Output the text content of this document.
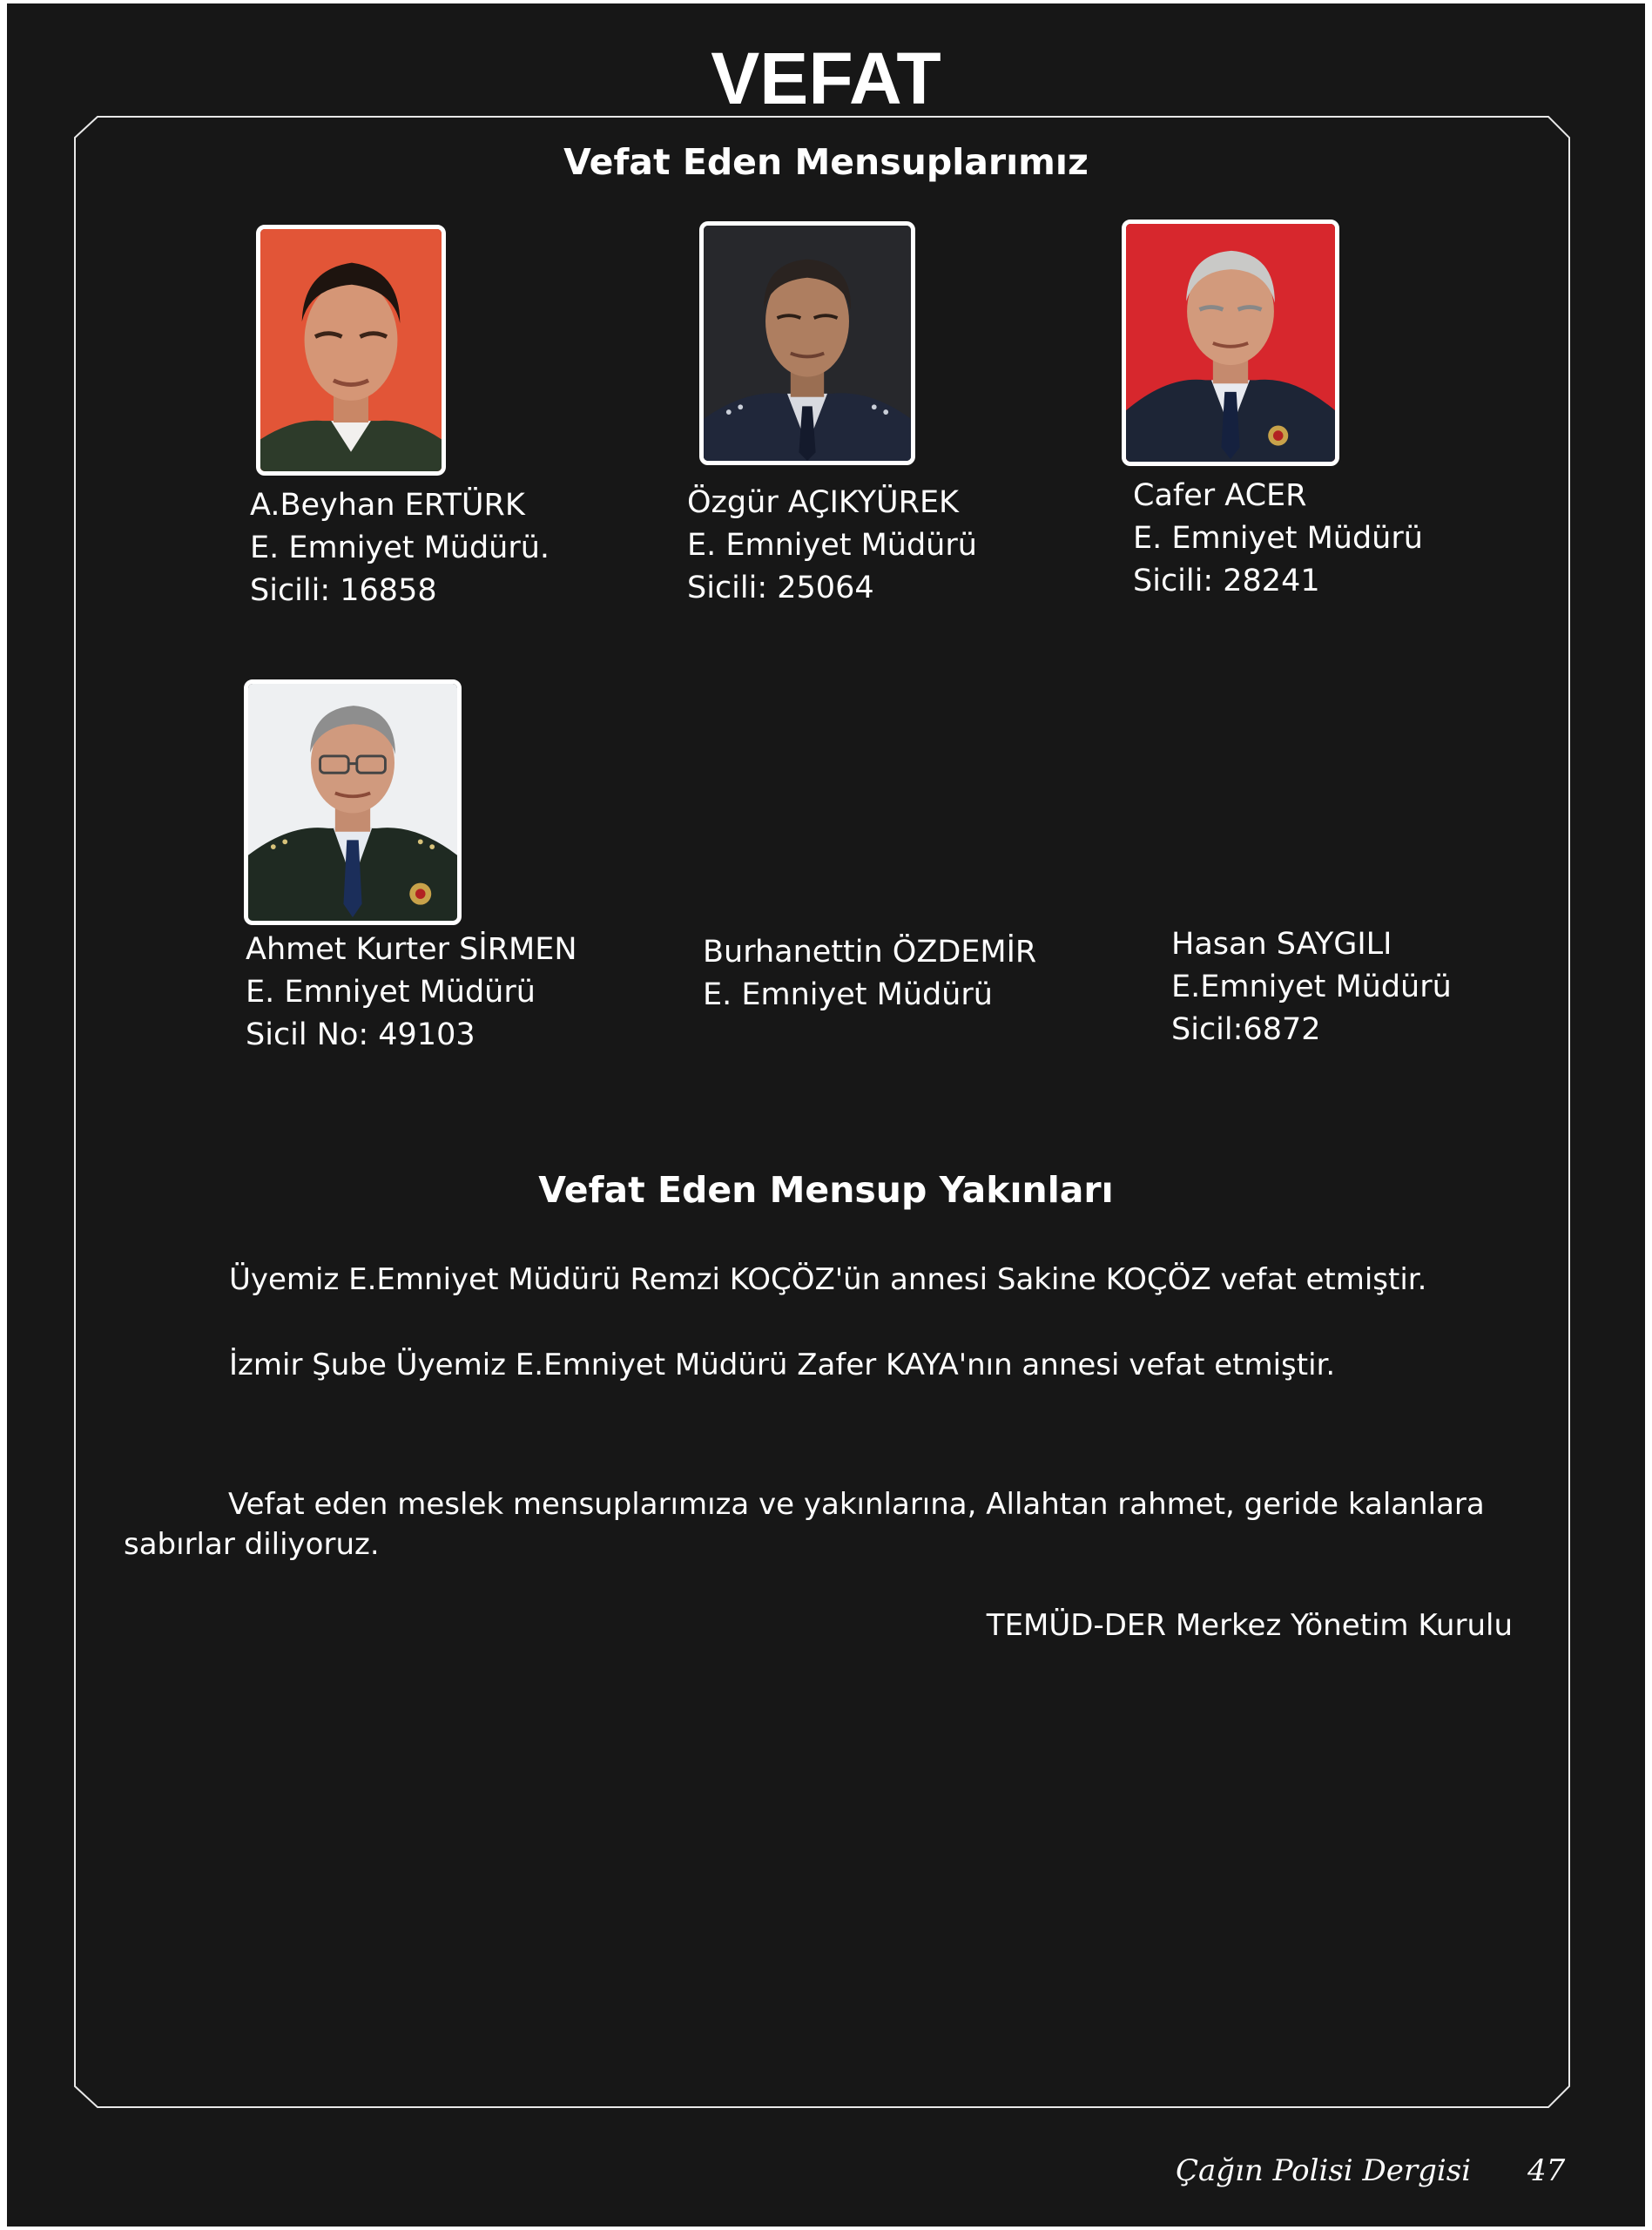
VEFAT
Vefat Eden Mensuplarımız
A.Beyhan ERTÜRK
E. Emniyet Müdürü.
Sicili: 16858
Özgür AÇIKYÜREK
E. Emniyet Müdürü
Sicili: 25064
Cafer ACER
E. Emniyet Müdürü
Sicili: 28241
Ahmet Kurter SİRMEN
E. Emniyet Müdürü
Sicil No: 49103
Burhanettin ÖZDEMİR
E. Emniyet Müdürü
Hasan SAYGILI
E.Emniyet Müdürü
Sicil:6872
Vefat Eden Mensup Yakınları
Üyemiz E.Emniyet Müdürü Remzi KOÇÖZ'ün annesi Sakine KOÇÖZ vefat etmiştir.
İzmir Şube Üyemiz E.Emniyet Müdürü Zafer KAYA'nın annesi vefat etmiştir.
Vefat eden meslek mensuplarımıza ve yakınlarına, Allahtan rahmet, geride kalanlara sabırlar diliyoruz.
TEMÜD-DER Merkez Yönetim Kurulu
Çağın Polisi Dergisi 47
